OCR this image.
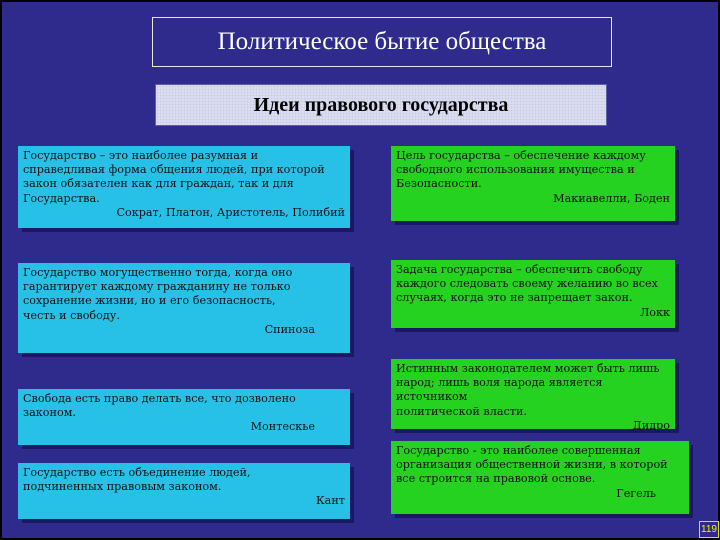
Политическое бытие общества
Идеи правового государства

Государство – это наиболее разумная и
справедливая форма общения людей, при которой
закон обязателен как для граждан, так и для
Государства.

Сократ, Платон, Аристотель, Полибий

Государство могущественно тогда, когда оно
гарантирует каждому гражданину не только
сохранение жизни, но и его безопасность,
честь и свободу.

Спиноза

Свобода есть право делать все, что дозволено
законом.

Монтескье

Государство есть объединение людей,
подчиненных правовым законом.

Кант

Цель государства – обеспечение каждому
свободного использования имущества и
Безопасности.

Макиавелли, Боден

Задача государства – обеспечить свободу
каждого следовать своему желанию во всех
случаях, когда это не запрещает закон.

Локк

Истинным законодателем может быть лишь
народ; лишь воля народа является источником
политической власти.

Дидро

Государство - это наиболее совершенная
организация общественной жизни, в которой
все строится на правовой основе.

Гегель

119
